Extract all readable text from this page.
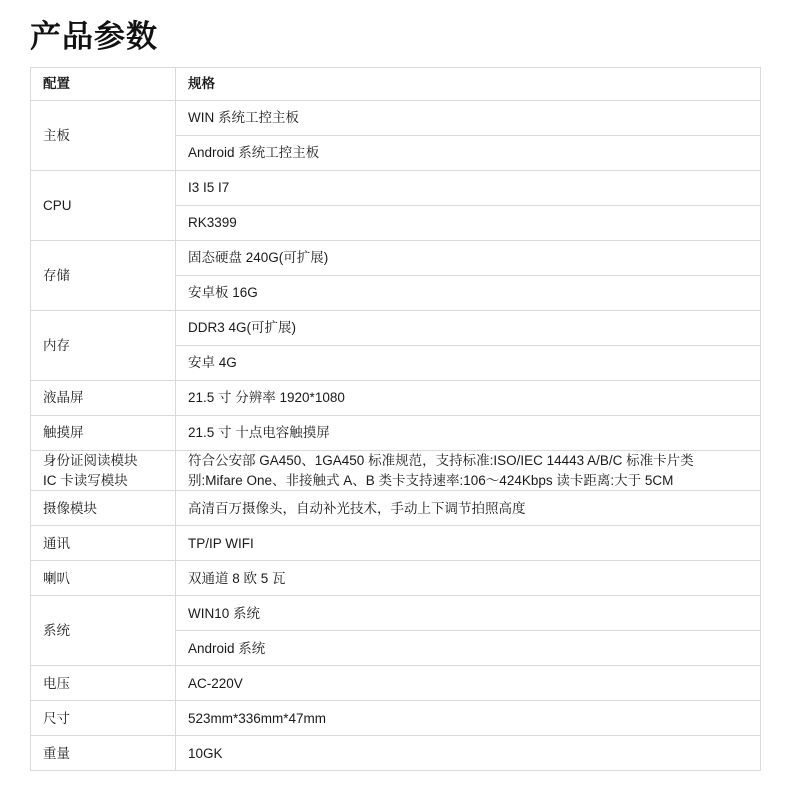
产品参数
配置	规格
主板	WIN 系统工控主板
	Android 系统工控主板
CPU	I3 I5 I7
	RK3399
存储	固态硬盘 240G(可扩展)
	安卓板 16G
内存	DDR3 4G(可扩展)
	安卓 4G
液晶屏	21.5 寸 分辨率 1920*1080
触摸屏	21.5 寸 十点电容触摸屏

身份证阅读模块
IC 卡读写模块	符合公安部 GA450、1GA450 标准规范，支持标准:ISO/IEC 14443 A/B/C 标准卡片类别:Mifare One、非接触式 A、B 类卡支持速率:106～424Kbps 读卡距离:大于 5CM
摄像模块	高清百万摄像头，自动补光技术，手动上下调节拍照高度
通讯	TP/IP WIFI
喇叭	双通道 8 欧 5 瓦
系统	WIN10 系统
	Android 系统
电压	AC-220V
尺寸	523mm*336mm*47mm
重量	10GK
